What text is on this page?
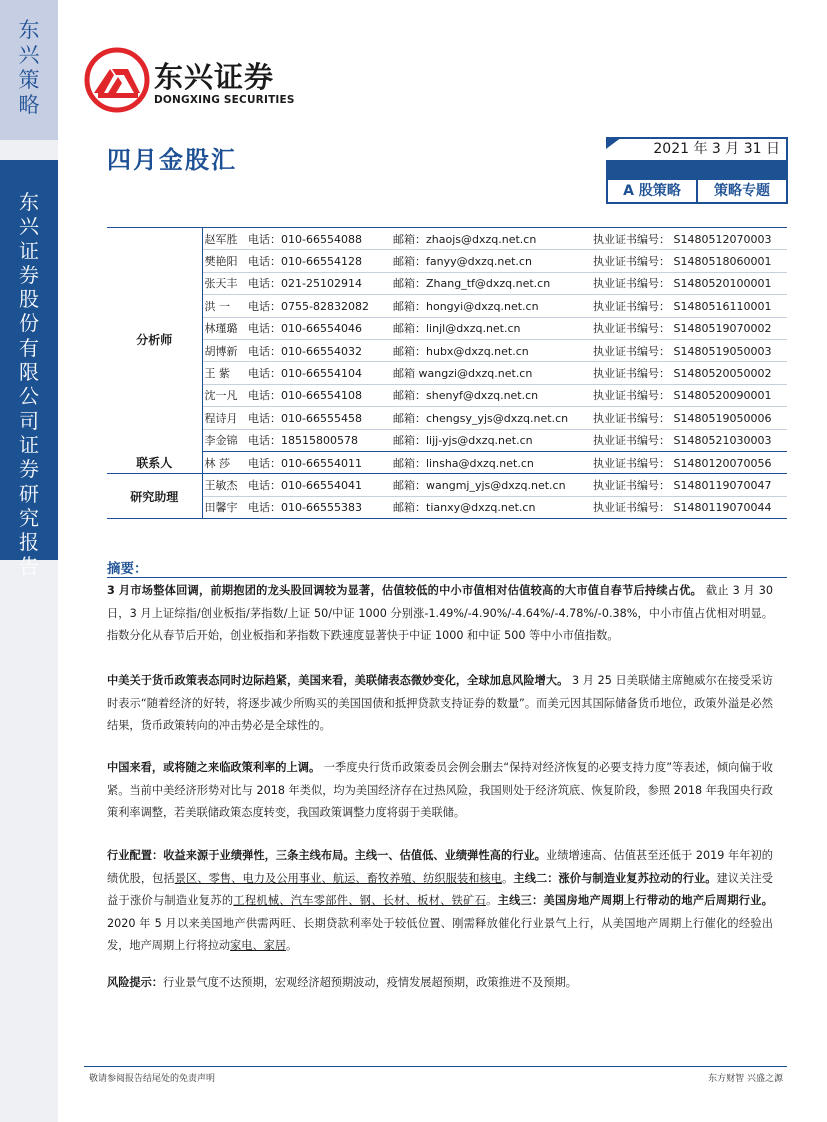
东兴策略
东兴证券股份有限公司证券研究报告
东兴证券
DONGXING SECURITIES
四月金股汇	2021 年 3 月 31 日
A 股策略	策略专题
分析师	赵军胜	电话：010-66554088	邮箱：zhaojs@dxzq.net.cn	执业证书编号： S1480512070003
	樊艳阳	电话：010-66554128	邮箱：fanyy@dxzq.net.cn	执业证书编号： S1480518060001
	张天丰	电话：021-25102914	邮箱：Zhang_tf@dxzq.net.cn	执业证书编号： S1480520100001
	洪 一	电话：0755-82832082	邮箱：hongyi@dxzq.net.cn	执业证书编号： S1480516110001
	林瑾璐	电话：010-66554046	邮箱：linjl@dxzq.net.cn	执业证书编号： S1480519070002
	胡博新	电话：010-66554032	邮箱：hubx@dxzq.net.cn	执业证书编号： S1480519050003
	王 紫	电话：010-66554104	邮箱 wangzi@dxzq.net.cn	执业证书编号： S1480520050002
	沈一凡	电话：010-66554108	邮箱：shenyf@dxzq.net.cn	执业证书编号： S1480520090001
	程诗月	电话：010-66555458	邮箱：chengsy_yjs@dxzq.net.cn	执业证书编号： S1480519050006
	李金锦	电话：18515800578	邮箱：lijj-yjs@dxzq.net.cn	执业证书编号： S1480521030003
联系人	林 莎	电话：010-66554011	邮箱：linsha@dxzq.net.cn	执业证书编号： S1480120070056
研究助理	王敏杰	电话：010-66554041	邮箱：wangmj_yjs@dxzq.net.cn	执业证书编号： S1480119070047
	田馨宇	电话：010-66555383	邮箱：tianxy@dxzq.net.cn	执业证书编号： S1480119070044
摘要：
3 月市场整体回调，前期抱团的龙头股回调较为显著，估值较低的中小市值相对估值较高的大市值自春节后持续占优。 截止 3 月 30 日，3 月上证综指/创业板指/茅指数/上证 50/中证 1000 分别涨-1.49%/-4.90%/-4.64%/-4.78%/-0.38%，中小市值占优相对明显。指数分化从春节后开始，创业板指和茅指数下跌速度显著快于中证 1000 和中证 500 等中小市值指数。
中美关于货币政策表态同时边际趋紧，美国来看，美联储表态微妙变化，全球加息风险增大。 3 月 25 日美联储主席鲍威尔在接受采访时表示“随着经济的好转，将逐步减少所购买的美国国债和抵押贷款支持证券的数量”。而美元因其国际储备货币地位，政策外溢是必然结果，货币政策转向的冲击势必是全球性的。
中国来看，或将随之来临政策利率的上调。 一季度央行货币政策委员会例会删去“保持对经济恢复的必要支持力度”等表述，倾向偏于收紧。当前中美经济形势对比与 2018 年类似，均为美国经济存在过热风险，我国则处于经济筑底、恢复阶段，参照 2018 年我国央行政策利率调整，若美联储政策态度转变，我国政策调整力度将弱于美联储。
行业配置：收益来源于业绩弹性，三条主线布局。主线一、估值低、业绩弹性高的行业。业绩增速高、估值甚至还低于 2019 年年初的绩优股，包括景区、零售、电力及公用事业、航运、畜牧养殖、纺织服装和核电。主线二：涨价与制造业复苏拉动的行业。建议关注受益于涨价与制造业复苏的工程机械、汽车零部件、钢、长材、板材、铁矿石。主线三：美国房地产周期上行带动的地产后周期行业。2020 年 5 月以来美国地产供需两旺、长期贷款利率处于较低位置、刚需释放催化行业景气上行，从美国地产周期上行催化的经验出发，地产周期上行将拉动家电、家居。
风险提示：行业景气度不达预期，宏观经济超预期波动，疫情发展超预期，政策推进不及预期。
敬请参阅报告结尾处的免责声明	东方财智 兴盛之源
